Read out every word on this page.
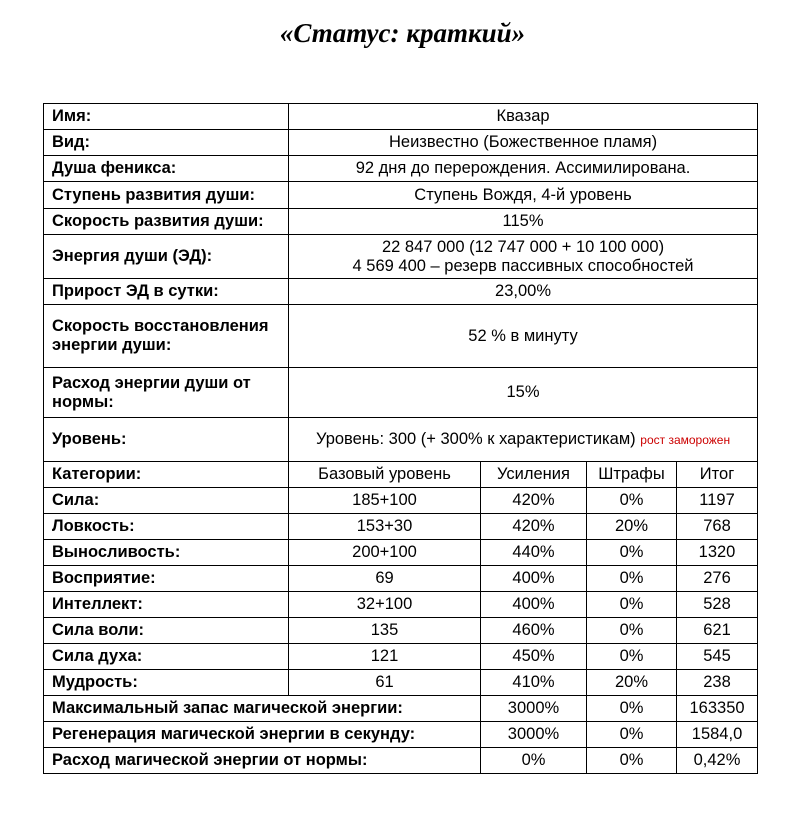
«Статус: краткий»
Имя:	Квазар			
Вид:	Неизвестно (Божественное пламя)			
Душа феникса:	92 дня до перерождения. Ассимилирована.			
Ступень развития души:	Ступень Вождя, 4-й уровень			
Скорость развития души:	115%			
Энергия души (ЭД):	22 847 000 (12 747 000 + 10 100 000)
4 569 400 – резерв пассивных способностей			

Прирост ЭД в сутки:	23,00%			
Скорость восстановления энергии души:	52 % в минуту			
Расход энергии души от нормы:	15%			
Уровень:	Уровень: 300 (+ 300% к характеристикам) рост заморожен			
Категории:	Базовый уровень	Усиления	Штрафы	Итог
Сила:	185+100	420%	0%	1197
Ловкость:	153+30	420%	20%	768
Выносливость:	200+100	440%	0%	1320
Восприятие:	69	400%	0%	276
Интеллект:	32+100	400%	0%	528
Сила воли:	135	460%	0%	621
Сила духа:	121	450%	0%	545
Мудрость:	61	410%	20%	238
Максимальный запас магической энергии:		3000%	0%	163350
Регенерация магической энергии в секунду:		3000%	0%	1584,0
Расход магической энергии от нормы:		0%	0%	0,42%
